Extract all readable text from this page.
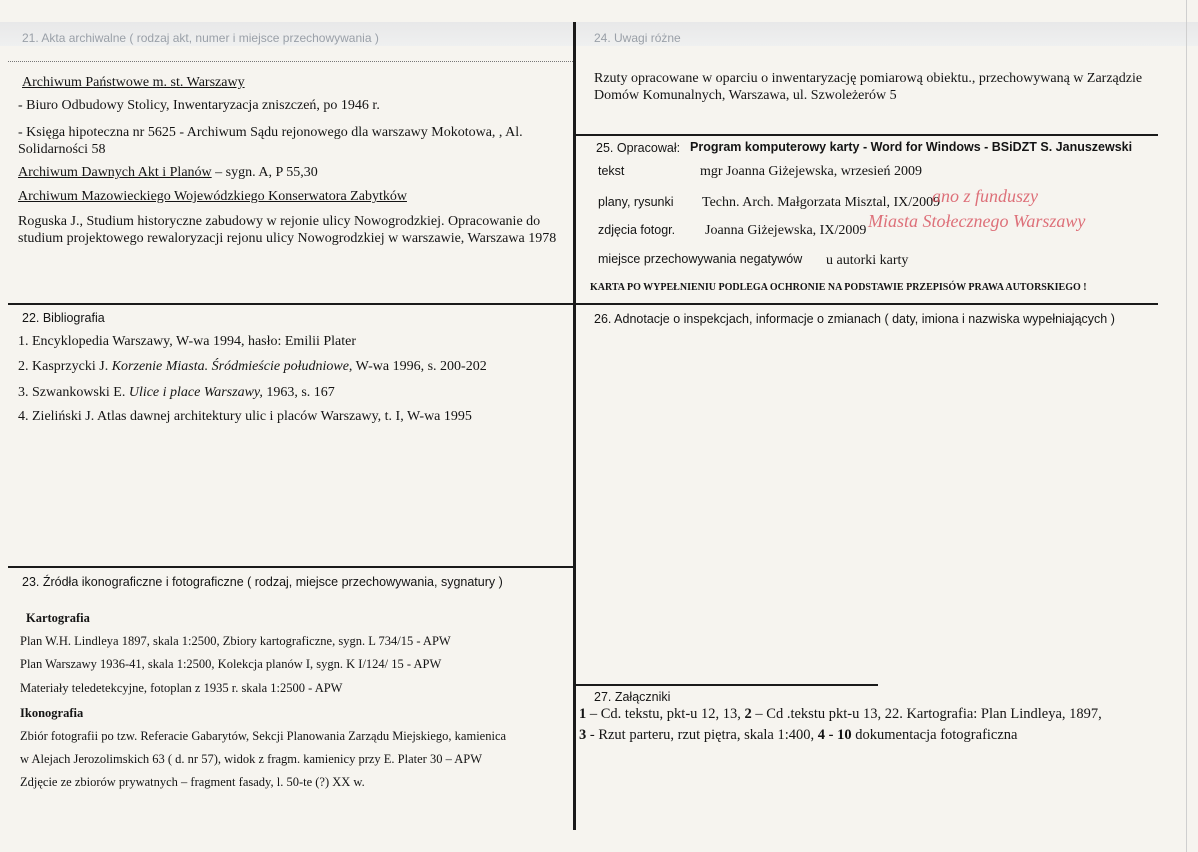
21. Akta archiwalne ( rodzaj akt, numer i miejsce przechowywania )
Archiwum Państwowe m. st. Warszawy
- Biuro Odbudowy Stolicy, Inwentaryzacja zniszczeń, po 1946 r.
- Księga hipoteczna nr 5625 - Archiwum Sądu rejonowego dla warszawy Mokotowa, , Al.
Solidarności 58
Archiwum Dawnych Akt i Planów – sygn. A, P 55,30
Archiwum Mazowieckiego Wojewódzkiego Konserwatora Zabytków
Roguska J., Studium historyczne zabudowy w rejonie ulicy Nowogrodzkiej. Opracowanie do
studium projektowego rewaloryzacji rejonu ulicy Nowogrodzkiej w warszawie, Warszawa 1978
22. Bibliografia
1. Encyklopedia Warszawy, W-wa 1994, hasło: Emilii Plater
2. Kasprzycki J. Korzenie Miasta. Śródmieście południowe, W-wa 1996, s. 200-202
3. Szwankowski E. Ulice i place Warszawy, 1963, s. 167
4. Zieliński J. Atlas dawnej architektury ulic i placów Warszawy, t. I, W-wa 1995
23. Źródła ikonograficzne i fotograficzne ( rodzaj, miejsce przechowywania, sygnatury )
Kartografia
Plan W.H. Lindleya 1897, skala 1:2500, Zbiory kartograficzne, sygn. L 734/15 - APW
Plan Warszawy 1936-41, skala 1:2500, Kolekcja planów I, sygn. K I/124/ 15 - APW
Materiały teledetekcyjne, fotoplan z 1935 r. skala 1:2500 - APW
Ikonografia
Zbiór fotografii po tzw. Referacie Gabarytów, Sekcji Planowania Zarządu Miejskiego, kamienica
w Alejach Jerozolimskich 63 ( d. nr 57), widok z fragm. kamienicy przy E. Plater 30 – APW
Zdjęcie ze zbiorów prywatnych – fragment fasady, l. 50-te (?) XX w.
24. Uwagi różne
Rzuty opracowane w oparciu o inwentaryzację pomiarową obiektu., przechowywaną w Zarządzie
Domów Komunalnych, Warszawa, ul. Szwoleżerów 5
25. Opracował: Program komputerowy karty - Word for Windows - BSiDZT S. Januszewski
tekst	mgr Joanna Giżejewska, wrzesień 2009
plany, rysunki Techn. Arch. Małgorzata Misztal, IX/2009
zdjęcia fotogr. Joanna Giżejewska, IX/2009
miejsce przechowywania negatywów u autorki karty
anо z funduszy
Miasta Stołecznego Warszawy
KARTA PO WYPEŁNIENIU PODLEGA OCHRONIE NA PODSTAWIE PRZEPISÓW PRAWA AUTORSKIEGO !
26. Adnotacje o inspekcjach, informacje o zmianach ( daty, imiona i nazwiska wypełniających )
27. Załączniki
1 – Cd. tekstu, pkt-u 12, 13, 2 – Cd .tekstu pkt-u 13, 22. Kartografia: Plan Lindleya, 1897,
3 - Rzut parteru, rzut piętra, skala 1:400, 4 - 10 dokumentacja fotograficzna
